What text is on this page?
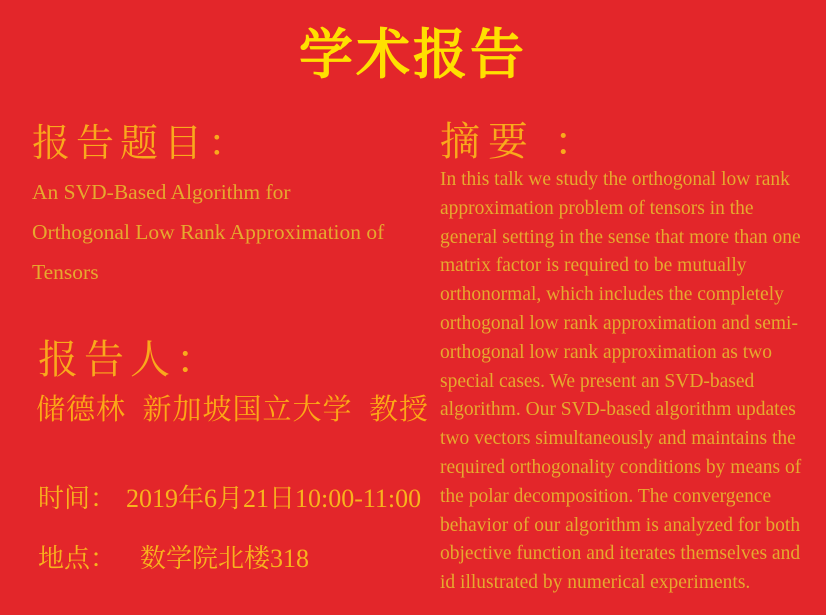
学术报告
报告题目：
An SVD-Based Algorithm for
Orthogonal Low Rank Approximation of
Tensors
报告人：
储德林  新加坡国立大学  教授
时间： 2019年6月21日10:00-11:00
地点： 数学院北楼318
摘要 ：
In this talk we study the orthogonal low rank
approximation problem of tensors in the
general setting in the sense that more than one
matrix factor is required to be mutually
orthonormal, which includes the completely
orthogonal low rank approximation and semi-
orthogonal low rank approximation as two
special cases. We present an SVD-based
algorithm. Our SVD-based algorithm updates
two vectors simultaneously and maintains the
required orthogonality conditions by means of
the polar decomposition. The convergence
behavior of our algorithm is analyzed for both
objective function and iterates themselves and
id illustrated by numerical experiments.
